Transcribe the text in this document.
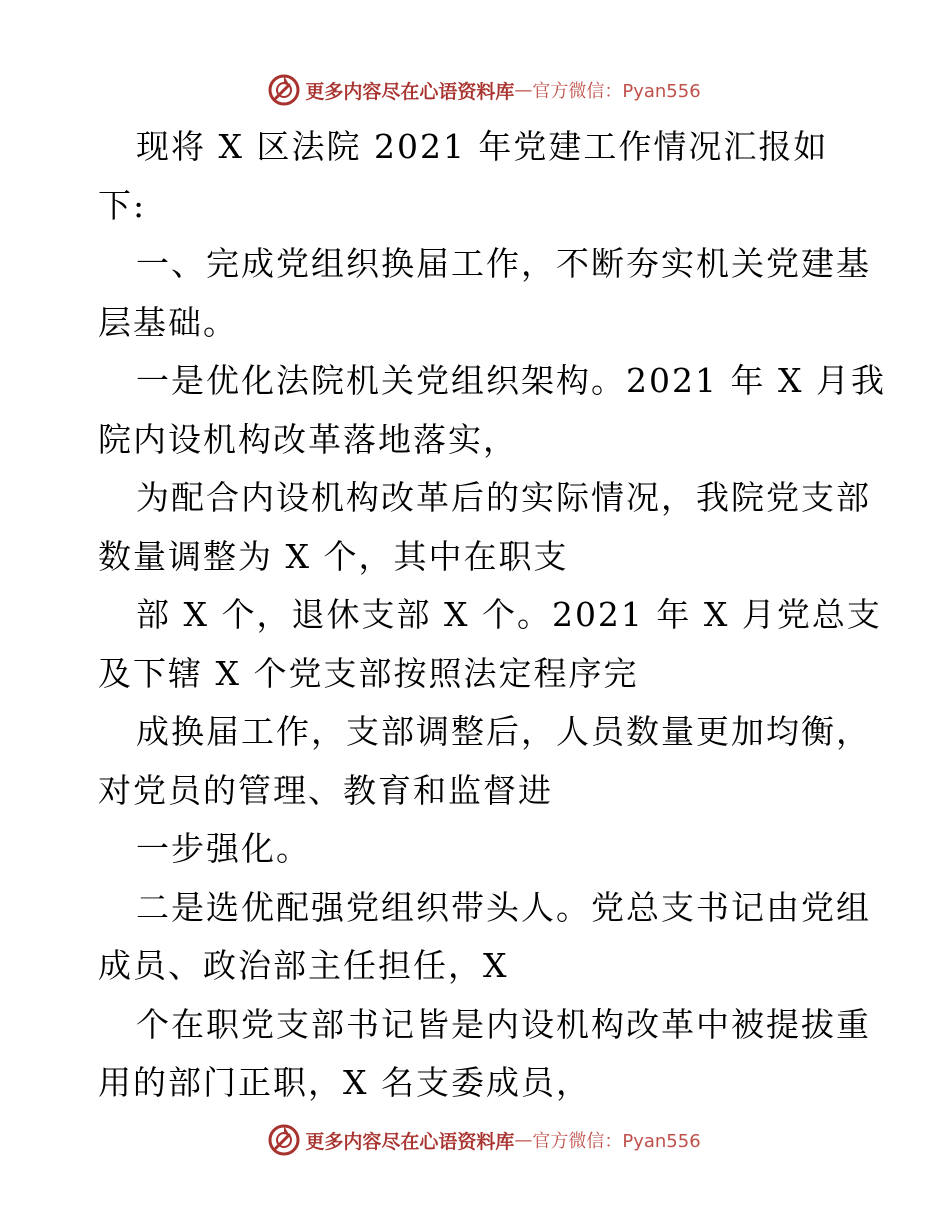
更多内容尽在心语资料库 — 官方微信：Pyan556
现将 X 区法院 2021 年党建工作情况汇报如
下:
一、完成党组织换届工作，不断夯实机关党建基
层基础。
一是优化法院机关党组织架构。2021 年 X 月我
院内设机构改革落地落实，
为配合内设机构改革后的实际情况，我院党支部
数量调整为 X 个，其中在职支
部 X 个，退休支部 X 个。2021 年 X 月党总支
及下辖 X 个党支部按照法定程序完
成换届工作，支部调整后，人员数量更加均衡，
对党员的管理、教育和监督进
一步强化。
二是选优配强党组织带头人。党总支书记由党组
成员、政治部主任担任，X
个在职党支部书记皆是内设机构改革中被提拔重
用的部门正职，X 名支委成员，
更多内容尽在心语资料库 — 官方微信：Pyan556
